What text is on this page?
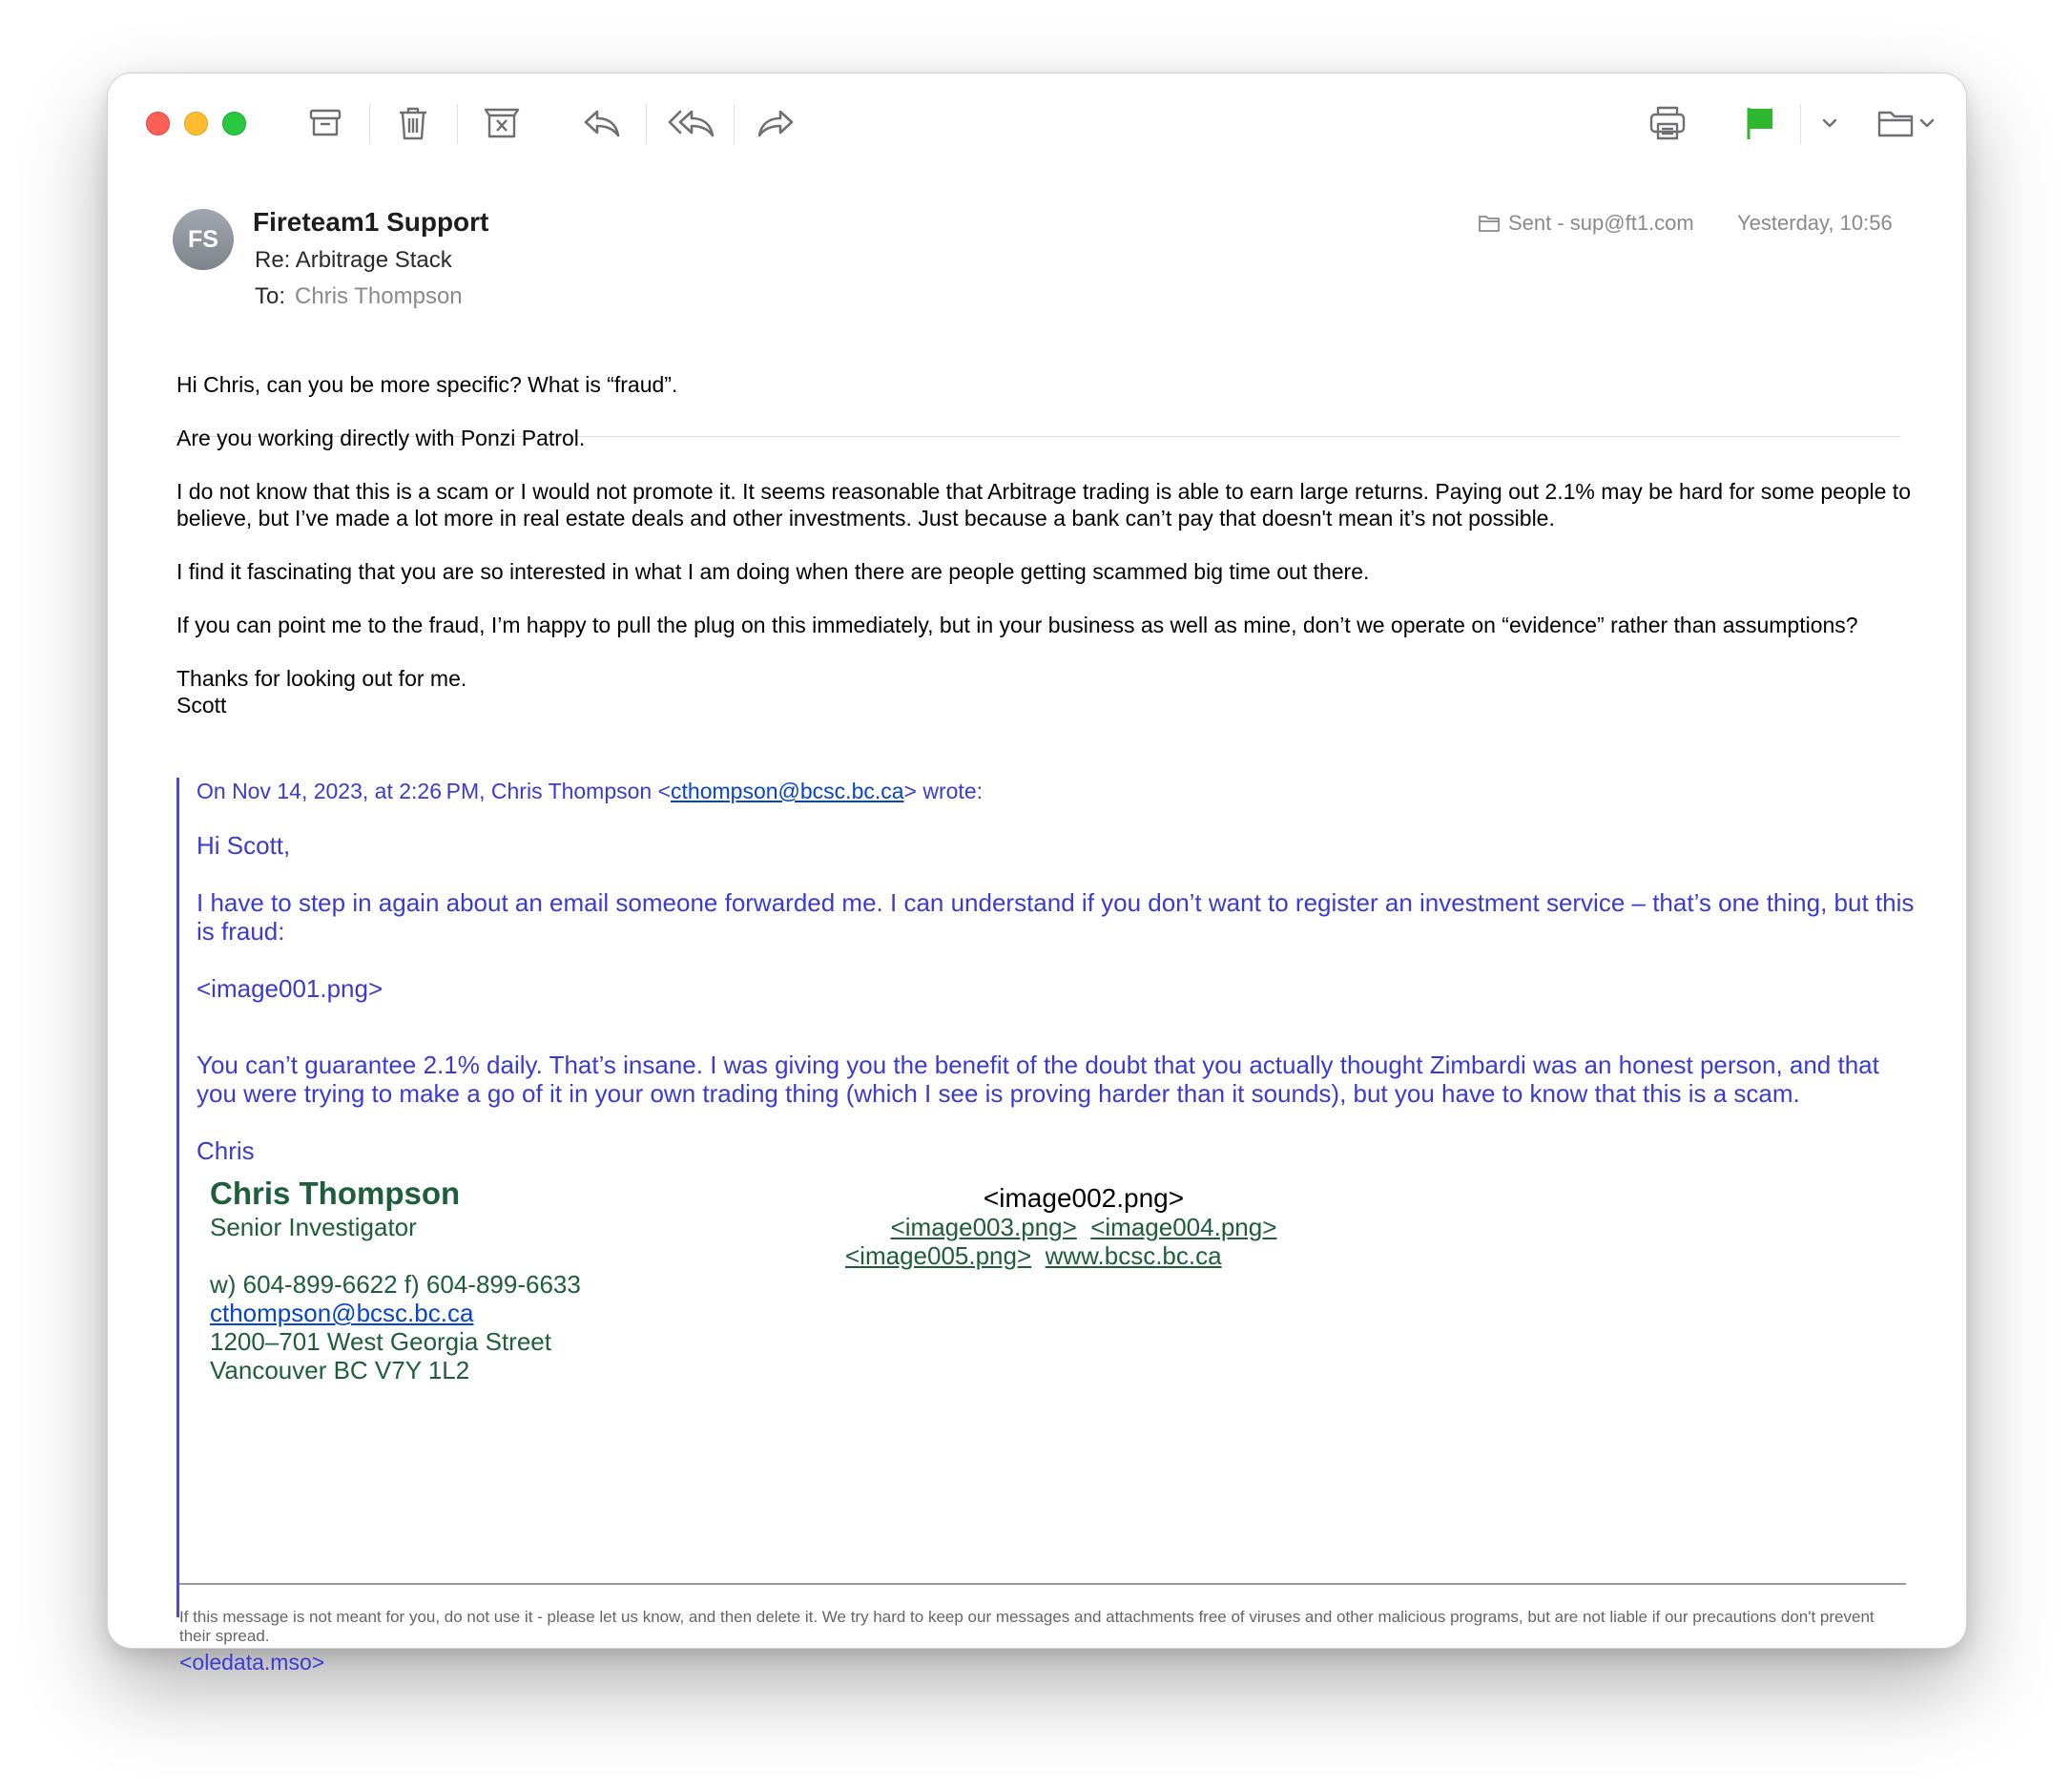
FS
Fireteam1 Support
Re: Arbitrage Stack
To: Chris Thompson
Sent - sup@ft1.com Yesterday, 10:56

Hi Chris, can you be more specific? What is “fraud”.

Are you working directly with Ponzi Patrol.

I do not know that this is a scam or I would not promote it. It seems reasonable that Arbitrage trading is able to earn large returns. Paying out 2.1% may be hard for some people to believe, but I’ve made a lot more in real estate deals and other investments. Just because a bank can’t pay that doesn't mean it’s not possible.

I find it fascinating that you are so interested in what I am doing when there are people getting scammed big time out there.

If you can point me to the fraud, I’m happy to pull the plug on this immediately, but in your business as well as mine, don’t we operate on “evidence” rather than assumptions?

Thanks for looking out for me.

Scott

On Nov 14, 2023, at 2:26 PM, Chris Thompson <cthompson@bcsc.bc.ca> wrote:

Hi Scott,

I have to step in again about an email someone forwarded me. I can understand if you don’t want to register an investment service – that’s one thing, but this is fraud:

<image001.png>

You can’t guarantee 2.1% daily. That’s insane. I was giving you the benefit of the doubt that you actually thought Zimbardi was an honest person, and that you were trying to make a go of it in your own trading thing (which I see is proving harder than it sounds), but you have to know that this is a scam.

Chris

Chris Thompson
Senior Investigator
w) 604-899-6622 f) 604-899-6633
cthompson@bcsc.bc.ca
1200–701 West Georgia Street
Vancouver BC V7Y 1L2
<image002.png>
<image003.png> <image004.png>
<image005.png> www.bcsc.bc.ca
If this message is not meant for you, do not use it - please let us know, and then delete it. We try hard to keep our messages and attachments free of viruses and other malicious programs, but are not liable if our precautions don't prevent their spread.
<oledata.mso>
